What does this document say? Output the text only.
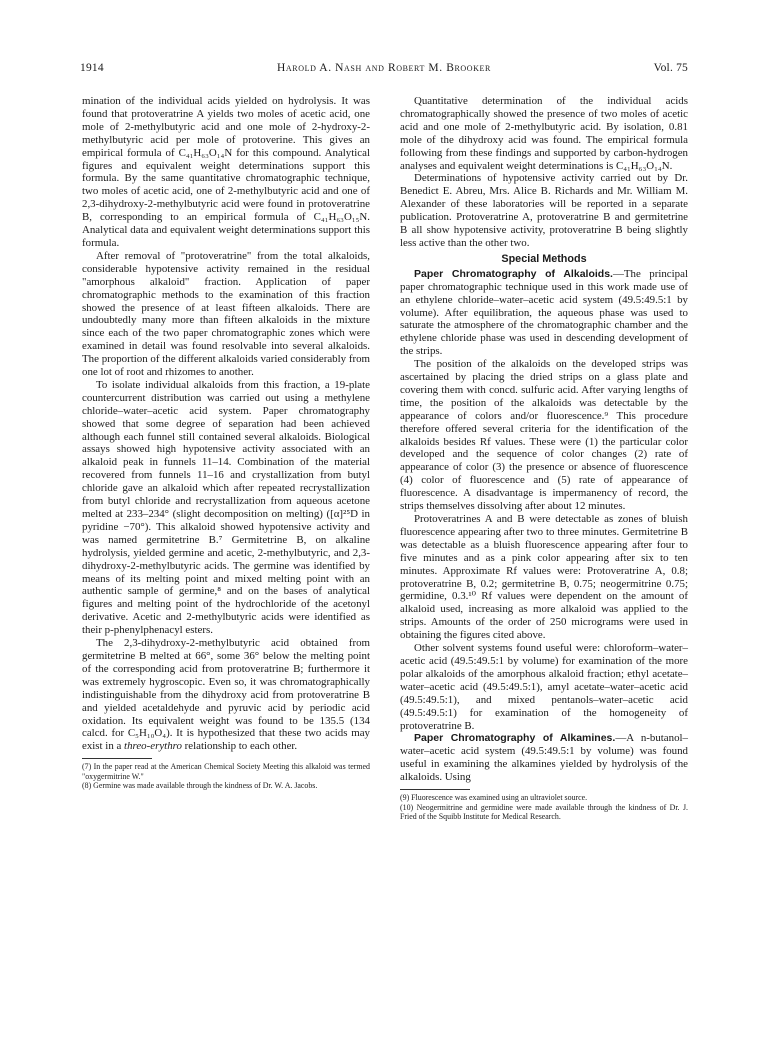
1914	Harold A. Nash and Robert M. Brooker	Vol. 75

mination of the individual acids yielded on hydrolysis. It was found that protoveratrine A yields two moles of acetic acid, one mole of 2-methylbutyric acid and one mole of 2-hydroxy-2-methylbutyric acid per mole of protoverine. This gives an empirical formula of C₄₁H₆₃O₁₄N for this compound. Analytical figures and equivalent weight determinations support this formula. By the same quantitative chromatographic technique, two moles of acetic acid, one of 2-methylbutyric acid and one of 2,3-dihydroxy-2-methylbutyric acid were found in protoveratrine B, corresponding to an empirical formula of C₄₁H₆₃O₁₅N. Analytical data and equivalent weight determinations support this formula.

After removal of "protoveratrine" from the total alkaloids, considerable hypotensive activity remained in the residual "amorphous alkaloid" fraction. Application of paper chromatographic methods to the examination of this fraction showed the presence of at least fifteen alkaloids. There are undoubtedly many more than fifteen alkaloids in the mixture since each of the two paper chromatographic zones which were examined in detail was found resolvable into several alkaloids. The proportion of the different alkaloids varied considerably from one lot of root and rhizomes to another.

To isolate individual alkaloids from this fraction, a 19-plate countercurrent distribution was carried out using a methylene chloride–water–acetic acid system. Paper chromatography showed that some degree of separation had been achieved although each funnel still contained several alkaloids. Biological assays showed high hypotensive activity associated with an alkaloid peak in funnels 11–14. Combination of the material recovered from funnels 11–16 and crystallization from butyl chloride gave an alkaloid which after repeated recrystallization from butyl chloride and recrystallization from aqueous acetone melted at 233–234° (slight decomposition on melting) ([α]²⁵D in pyridine −70°). This alkaloid showed hypotensive activity and was named germitetrine B.⁷ Germitetrine B, on alkaline hydrolysis, yielded germine and acetic, 2-methylbutyric, and 2,3-dihydroxy-2-methylbutyric acids. The germine was identified by means of its melting point and mixed melting point with an authentic sample of germine,⁸ and on the bases of analytical figures and melting point of the hydrochloride of the acetonyl derivative. Acetic and 2-methylbutyric acids were identified as their p-phenylphenacyl esters.

The 2,3-dihydroxy-2-methylbutyric acid obtained from germitetrine B melted at 66°, some 36° below the melting point of the corresponding acid from protoveratrine B; furthermore it was extremely hygroscopic. Even so, it was chromatographically indistinguishable from the dihydroxy acid from protoveratrine B and yielded acetaldehyde and pyruvic acid by periodic acid oxidation. Its equivalent weight was found to be 135.5 (134 calcd. for C₅H₁₀O₄). It is hypothesized that these two acids may exist in a threo-erythro relationship to each other.

(7) In the paper read at the American Chemical Society Meeting this alkaloid was termed "oxygermitrine W."

(8) Germine was made available through the kindness of Dr. W. A. Jacobs.

Quantitative determination of the individual acids chromatographically showed the presence of two moles of acetic acid and one mole of 2-methylbutyric acid. By isolation, 0.81 mole of the dihydroxy acid was found. The empirical formula following from these findings and supported by carbon-hydrogen analyses and equivalent weight determinations is C₄₁H₆₃O₁₄N.

Determinations of hypotensive activity carried out by Dr. Benedict E. Abreu, Mrs. Alice B. Richards and Mr. William M. Alexander of these laboratories will be reported in a separate publication. Protoveratrine A, protoveratrine B and germitetrine B all show hypotensive activity, protoveratrine B being slightly less active than the other two.

Special Methods

Paper Chromatography of Alkaloids.—The principal paper chromatographic technique used in this work made use of an ethylene chloride–water–acetic acid system (49.5:49.5:1 by volume). After equilibration, the aqueous phase was used to saturate the atmosphere of the chromatographic chamber and the ethylene chloride phase was used in descending development of the strips.

The position of the alkaloids on the developed strips was ascertained by placing the dried strips on a glass plate and covering them with concd. sulfuric acid. After varying lengths of time, the position of the alkaloids was detectable by the appearance of colors and/or fluorescence.⁹ This procedure therefore offered several criteria for the identification of the alkaloids besides Rf values. These were (1) the particular color developed and the sequence of color changes (2) rate of appearance of color (3) the presence or absence of fluorescence (4) color of fluorescence and (5) rate of appearance of fluorescence. A disadvantage is impermanency of record, the strips themselves dissolving after about 12 minutes.

Protoveratrines A and B were detectable as zones of bluish fluorescence appearing after two to three minutes. Germitetrine B was detectable as a bluish fluorescence appearing after four to five minutes and as a pink color appearing after six to ten minutes. Approximate Rf values were: Protoveratrine A, 0.8; protoveratrine B, 0.2; germitetrine B, 0.75; neogermitrine 0.75; germidine, 0.3.¹⁰ Rf values were dependent on the amount of alkaloid used, increasing as more alkaloid was applied to the strips. Amounts of the order of 250 micrograms were used in obtaining the figures cited above.

Other solvent systems found useful were: chloroform–water–acetic acid (49.5:49.5:1 by volume) for examination of the more polar alkaloids of the amorphous alkaloid fraction; ethyl acetate–water–acetic acid (49.5:49.5:1), amyl acetate–water–acetic acid (49.5:49.5:1), and mixed pentanols–water–acetic acid (49.5:49.5:1) for examination of the homogeneity of protoveratrine B.

Paper Chromatography of Alkamines.—A n-butanol–water–acetic acid system (49.5:49.5:1 by volume) was found useful in examining the alkamines yielded by hydrolysis of the alkaloids. Using

(9) Fluorescence was examined using an ultraviolet source.

(10) Neogermitrine and germidine were made available through the kindness of Dr. J. Fried of the Squibb Institute for Medical Research.
